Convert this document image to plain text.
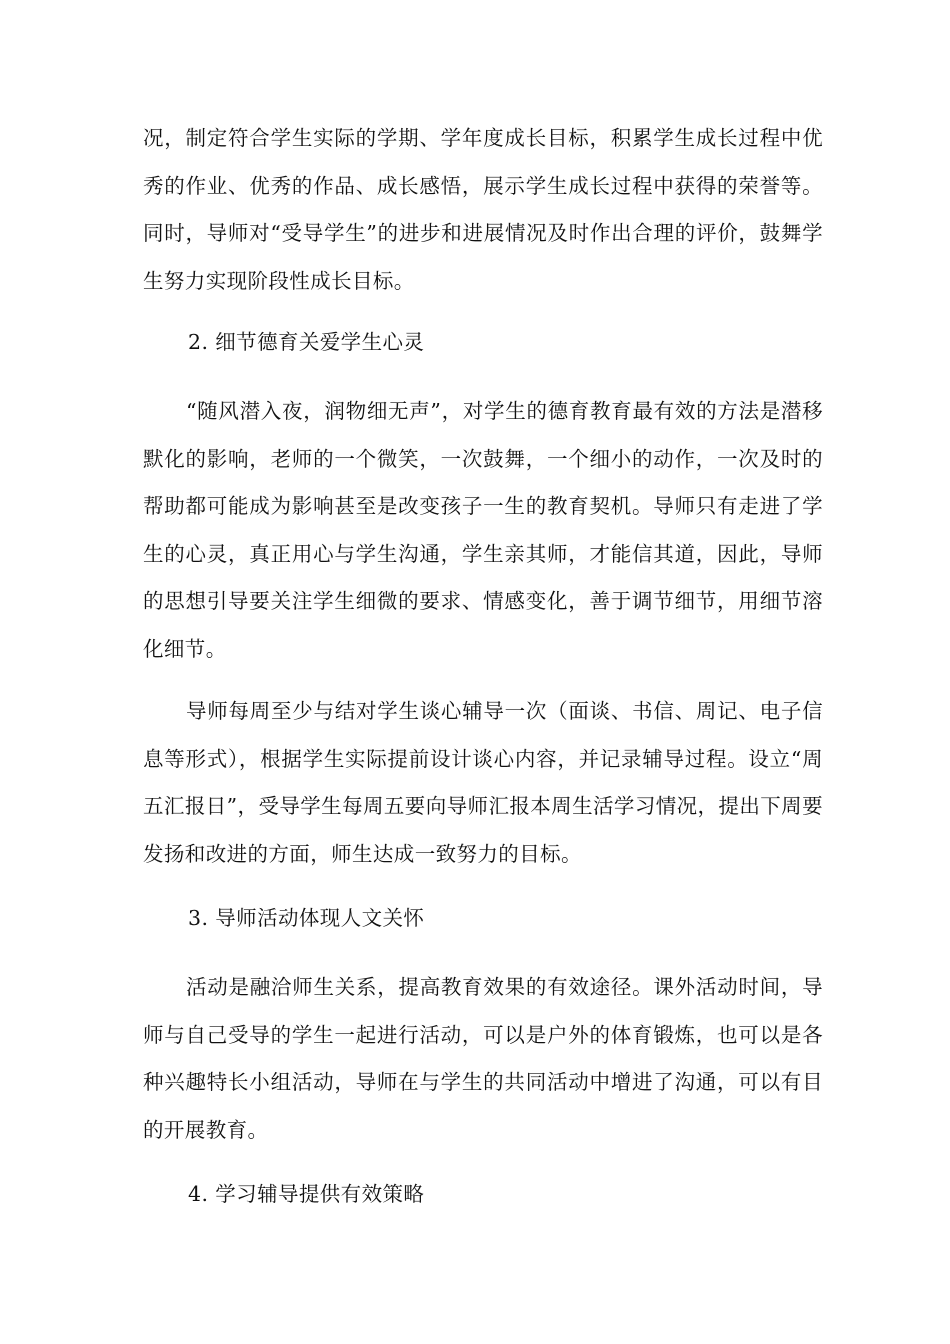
况，制定符合学生实际的学期、学年度成长目标，积累学生成长过程中优秀的作业、优秀的作品、成长感悟，展示学生成长过程中获得的荣誉等。同时，导师对“受导学生”的进步和进展情况及时作出合理的评价，鼓舞学生努力实现阶段性成长目标。

2. 细节德育关爱学生心灵

“随风潜入夜，润物细无声”，对学生的德育教育最有效的方法是潜移默化的影响，老师的一个微笑，一次鼓舞，一个细小的动作，一次及时的帮助都可能成为影响甚至是改变孩子一生的教育契机。导师只有走进了学生的心灵，真正用心与学生沟通，学生亲其师，才能信其道，因此，导师的思想引导要关注学生细微的要求、情感变化，善于调节细节，用细节溶化细节。

导师每周至少与结对学生谈心辅导一次（面谈、书信、周记、电子信息等形式），根据学生实际提前设计谈心内容，并记录辅导过程。设立“周五汇报日”，受导学生每周五要向导师汇报本周生活学习情况，提出下周要发扬和改进的方面，师生达成一致努力的目标。

3. 导师活动体现人文关怀

活动是融洽师生关系，提高教育效果的有效途径。课外活动时间，导师与自己受导的学生一起进行活动，可以是户外的体育锻炼，也可以是各种兴趣特长小组活动，导师在与学生的共同活动中增进了沟通，可以有目的开展教育。

4. 学习辅导提供有效策略
